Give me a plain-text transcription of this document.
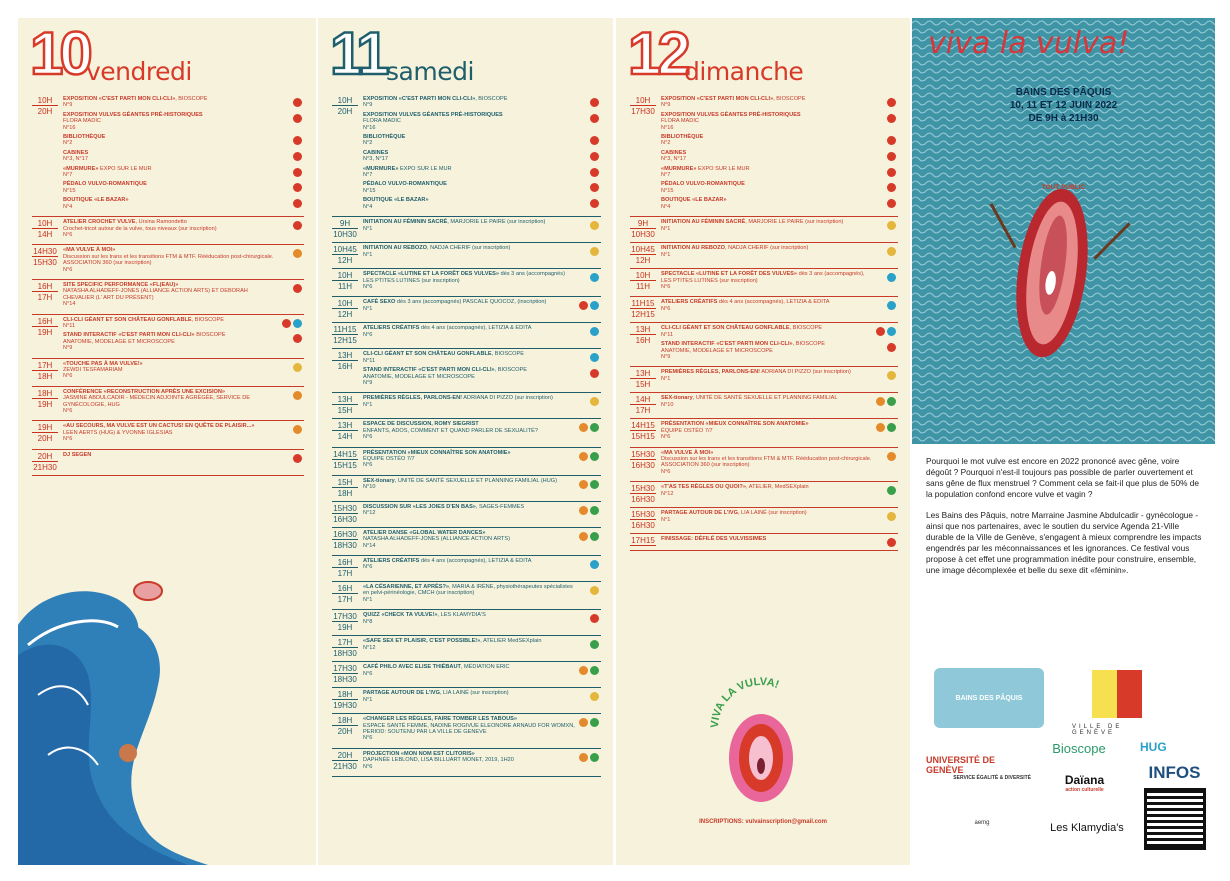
10
vendredi
10H
20H
EXPOSITION «C'EST PARTI MON CLI-CLI», BIOSCOPE
N°9
EXPOSITION VULVES GÉANTES PRÉ-HISTORIQUES
FLORA MADIC
N°16
BIBLIOTHÈQUE
N°2
CABINES
N°3, N°17
«MURMURE» EXPO SUR LE MUR
N°7
PÉDALO VULVO-ROMANTIQUE
N°15
BOUTIQUE «LE BAZAR»
N°4
10H
14H
ATELIER CROCHET VULVE, Ursina Ramondetto
Crochet-tricot autour de la vulve, tous niveaux (sur inscription)
N°6
14H30
15H30
«MA VULVE À MOI»
Discussion sur les trans et les transitions FTM & MTF. Rééducation post-chirurgicale. ASSOCIATION 360 (sur inscription)
N°6
16H
17H
SITE SPECIFIC PERFORMANCE «FL(EAU)»
NATASHA ALHADEFF-JONES (ALLIANCE ACTION ARTS) ET DEBORAH CHEVALIER (L' ART DU PRÉSENT)
N°14
16H
19H
CLI-CLI GÉANT ET SON CHÂTEAU GONFLABLE, BIOSCOPE
N°11
STAND INTERACTIF «C'EST PARTI MON CLI-CLI» BIOSCOPE
ANATOMIE, MODELAGE ET MICROSCOPE
N°9
17H
18H
«TOUCHE PAS À MA VULVE!»
ZEWDI TESFAMARIAM
N°6
18H
19H
CONFÉRENCE «RECONSTRUCTION APRÈS UNE EXCISION»
JASMINE ABDULCADIR - MÉDECIN ADJOINTE AGRÉGÉE, SERVICE DE GYNÉCOLOGIE, HUG
N°6
19H
20H
«AU SECOURS, MA VULVE EST UN CACTUS! EN QUÊTE DE PLAISIR...»
LEEN AERTS (HUG) & YVONNE IGLESIAS
N°6
20H
21H30
DJ SEGEN
11 samedi
10H
20H
EXPOSITION «C'EST PARTI MON CLI-CLI», BIOSCOPE
N°9
EXPOSITION VULVES GÉANTES PRÉ-HISTORIQUES
FLORA MADIC
N°16
BIBLIOTHÈQUE
N°2
CABINES
N°3, N°17
«MURMURE» EXPO SUR LE MUR
N°7
PÉDALO VULVO-ROMANTIQUE
N°15
BOUTIQUE «LE BAZAR»
N°4
9H
10H30
INITIATION AU FÉMININ SACRÉ, MARJORIE LE PAIRE (sur inscription)
N°1
10H45
12H
INITIATION AU REBOZO, NADJA CHERIF (sur inscription)
N°1
10H
11H
SPECTACLE «LUTINE ET LA FORÊT DES VULVES» dès 3 ans (accompagnés) LES PTITES LUTINES (sur inscription)
N°6
10H
12H
CAFÉ SEXO dès 3 ans (accompagnés) PASCALE QUOCOZ, (inscription)
N°1
11H15
12H15
ATELIERS CRÉATIFS dès 4 ans (accompagnés), LETIZIA & EDITA
N°6
13H
16H
CLI-CLI GÉANT ET SON CHÂTEAU GONFLABLE, BIOSCOPE
N°11
STAND INTERACTIF «C'EST PARTI MON CLI-CLI», BIOSCOPE
ANATOMIE, MODELAGE ET MICROSCOPE
N°9
13H
15H
PREMIÈRES RÈGLES, PARLONS-EN! ADRIANA DI PIZZO (sur inscription)
N°1
13H
14H
ESPACE DE DISCUSSION, ROMY SIEGRIST
ENFANTS, ADOS, COMMENT ET QUAND PARLER DE SEXUALITÉ?
N°6
14H15
15H15
PRÉSENTATION «MIEUX CONNAÎTRE SON ANATOMIE»
ÉQUIPE OSTÉO 7/7
N°6
15H
18H
SEX-tionary, UNITÉ DE SANTÉ SEXUELLE ET PLANNING FAMILIAL (HUG)
N°10
15H30
16H30
DISCUSSION SUR «LES JOIES D'EN BAS», SAGES-FEMMES
N°12
16H30
18H30
ATELIER DANSE «GLOBAL WATER DANCES»
NATASHA ALHADEFF-JONES (ALLIANCE ACTION ARTS)
N°14
16H
17H
ATELIERS CRÉATIFS dès 4 ans (accompagnés), LETIZIA & EDITA
N°6
16H
17H
«LA CÉSARIENNE, ET APRÈS?», MARIA & IRÈNE, physiothérapeutes spécialistes en pelvi-périnéologie, CMCH (sur inscription)
N°1
17H30
19H
QUIZZ «CHECK TA VULVE!», LES KLAMYDIA'S
N°8
17H
18H30
«SAFE SEX ET PLAISIR, C'EST POSSIBLE!», ATELIER MedSEXplain
N°12
17H30
18H30
CAFÉ PHILO AVEC ELISE THIÉBAUT, MÉDIATION ERIC
N°6
18H
19H30
PARTAGE AUTOUR DE L'IVG, LIA LAINÉ (sur inscription)
N°1
18H
20H
«CHANGER LES RÈGLES, FAIRE TOMBER LES TABOUS»
ESPACE SANTÉ FEMME, NADINE ROGIVUE ELEONORE ARNAUD FOR WOMXN, PERIOD: SOUTENU PAR LA VILLE DE GENEVE
N°6
20H
21H30
PROJECTION «MON NOM EST CLITORIS»
DAPHNÉE LEBLOND, LISA BILLUART MONET, 2019, 1H20
N°6
12
dimanche
10H
17H30
EXPOSITION «C'EST PARTI MON CLI-CLI», BIOSCOPE
N°9
EXPOSITION VULVES GÉANTES PRÉ-HISTORIQUES
FLORA MADIC
N°16
BIBLIOTHÈQUE
N°2
CABINES
N°3, N°17
«MURMURE» EXPO SUR LE MUR
N°7
PÉDALO VULVO-ROMANTIQUE
N°15
BOUTIQUE «LE BAZAR»
N°4
9H
10H30
INITIATION AU FÉMININ SACRÉ, MARJORIE LE PAIRE (sur inscription)
N°1
10H45
12H
INITIATION AU REBOZO, NADJA CHERIF (sur inscription)
N°1
10H
11H
SPECTACLE «LUTINE ET LA FORÊT DES VULVES» dès 3 ans (accompagnés), LES PTITES LUTINES (sur inscription)
N°6
11H15
12H15
ATELIERS CRÉATIFS dès 4 ans (accompagnés), LETIZIA & EDITA
N°6
13H
16H
CLI-CLI GÉANT ET SON CHÂTEAU GONFLABLE, BIOSCOPE
N°11
STAND INTERACTIF «C'EST PARTI MON CLI-CLI», BIOSCOPE
ANATOMIE, MODELAGE ET MICROSCOPE
N°9
13H
15H
PREMIÈRES RÈGLES, PARLONS-EN! ADRIANA DI PIZZO (sur inscription)
N°1
14H
17H
SEX-tionary, UNITÉ DE SANTÉ SEXUELLE ET PLANNING FAMILIAL
N°10
14H15
15H15
PRÉSENTATION «MIEUX CONNAÎTRE SON ANATOMIE»
ÉQUIPE OSTÉO 7/7
N°6
15H30
16H30
«MA VULVE À MOI»
Discussion sur les trans et les transitions FTM & MTF. Rééducation post-chirurgicale. ASSOCIATION 360 (sur inscription)
N°6
15H30
16H30
«T'AS TES RÈGLES OU QUOI?», ATELIER, MedSEXplain
N°12
15H30
16H30
PARTAGE AUTOUR DE L'IVG, LIA LAINÉ (sur inscription)
N°1
17H15 FINISSAGE: DÉFILÉ DES VULVISSIMES
VIVA LA VULVA!
INSCRIPTIONS: vulvainscription@gmail.com
viva la vulva!
BAINS DES PÂQUIS
10, 11 ET 12 JUIN 2022
DE 9H à 21H30
TOUT PUBLIC

Pourquoi le mot vulve est encore en 2022 prononcé avec gêne, voire dégoût ? Pourquoi n'est-il toujours pas possible de parler ouvertement et sans gêne de flux menstruel ? Comment cela se fait-il que plus de 50% de la population confond encore vulve et vagin ?

Les Bains des Pâquis, notre Marraine Jasmine Abdulcadir - gynécologue - ainsi que nos partenaires, avec le soutien du service Agenda 21-Ville durable de la Ville de Genève, s'engagent à mieux comprendre les impacts engendrés par les méconnaissances et les ignorances. Ce festival vous propose à cet effet une programmation inédite pour construire, ensemble, une image décomplexée et belle du sexe dit «féminin».

BAINS DES PÂQUIS
VILLE DE GENÈVE
UNIVERSITÉ DE GENÈVE
SERVICE ÉGALITÉ & DIVERSITÉ
Bioscope	HUG
Daïana
action culturelle
Les Klamydia's
INFOS
aemg
